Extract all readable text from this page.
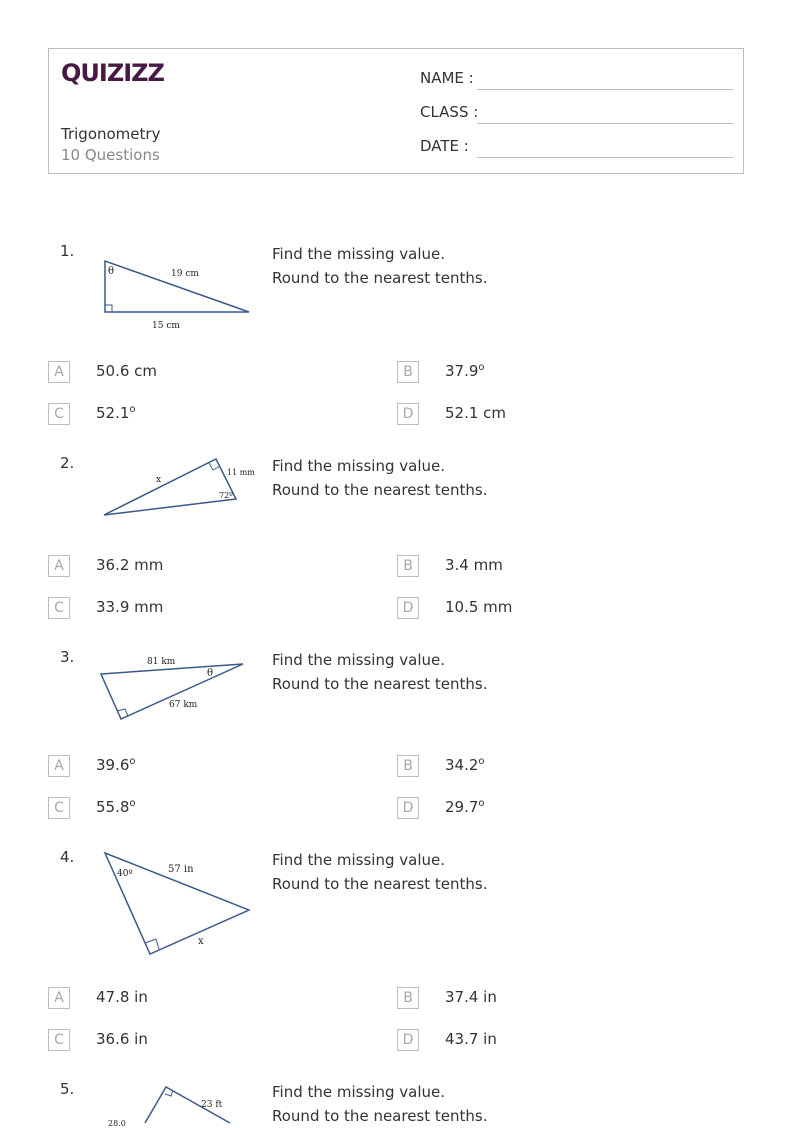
QUIZIZZ
Trigonometry
10 Questions
NAME :
CLASS :
DATE :
1.
θ	19 cm
15 cm
Find the missing value.
Round to the nearest tenths.
A	50.6 cm	B	37.9$^o$
C	52.1$^o$	D	52.1 cm
2.
x
11 mm
72º
Find the missing value.
Round to the nearest tenths.
A	36.2 mm	B	3.4 mm
C	33.9 mm	D	10.5 mm
3.	81 km
θ
67 km
Find the missing value.
Round to the nearest tenths.
A	39.6$^o$	B	34.2$^o$
C	55.8$^o$	D	29.7$^o$
4.
40º	57 in
x
Find the missing value.
Round to the nearest tenths.
A	47.8 in	B	37.4 in
C	36.6 in	D	43.7 in
5.
28.0
23 ft
Find the missing value.
Round to the nearest tenths.
